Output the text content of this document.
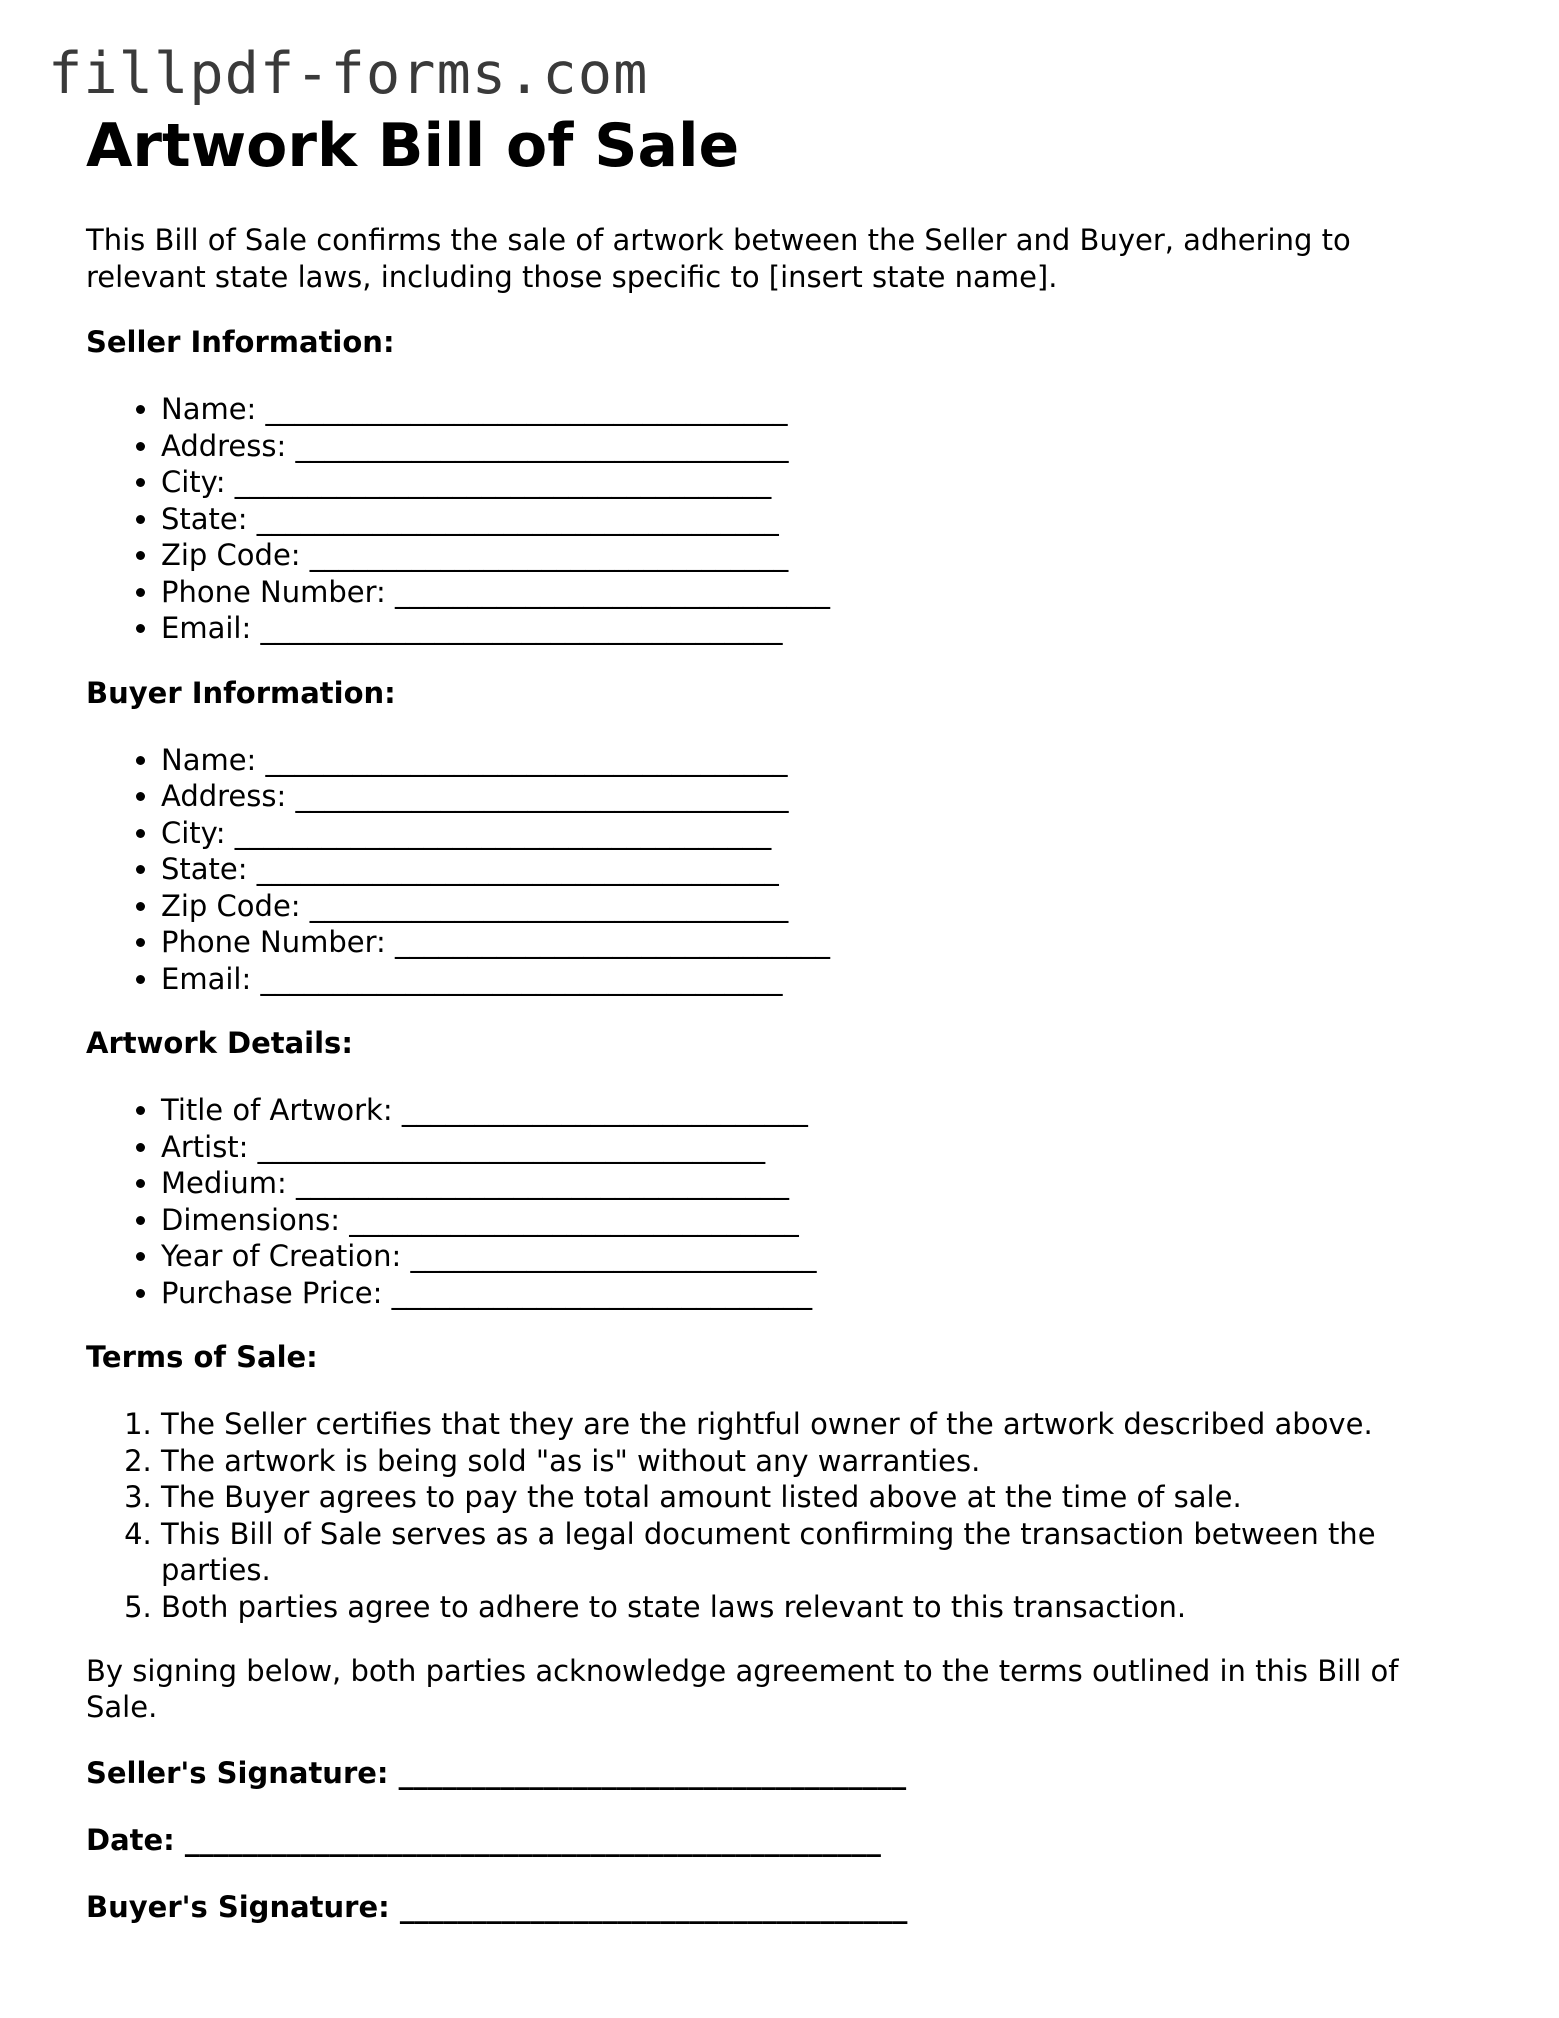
fillpdf-forms.com
Artwork Bill of Sale

This Bill of Sale confirms the sale of artwork between the Seller and Buyer, adhering to relevant state laws, including those specific to [insert state name].

Seller Information:
• Name: ____________________________________
• Address: __________________________________
• City: _____________________________________
• State: ____________________________________
• Zip Code: _________________________________
• Phone Number: ______________________________
• Email: ____________________________________
Buyer Information:
• Name: ____________________________________
• Address: __________________________________
• City: _____________________________________
• State: ____________________________________
• Zip Code: _________________________________
• Phone Number: ______________________________
• Email: ____________________________________
Artwork Details:
• Title of Artwork: ____________________________
• Artist: ___________________________________
• Medium: __________________________________
• Dimensions: _______________________________
• Year of Creation: ____________________________
• Purchase Price: _____________________________
Terms of Sale:
1. The Seller certifies that they are the rightful owner of the artwork described above.
2. The artwork is being sold "as is" without any warranties.
3. The Buyer agrees to pay the total amount listed above at the time of sale.
4. This Bill of Sale serves as a legal document confirming the transaction between the parties.
5. Both parties agree to adhere to state laws relevant to this transaction.

By signing below, both parties acknowledge agreement to the terms outlined in this Bill of Sale.

Seller's Signature: ___________________________________

Date: ________________________________________________

Buyer's Signature: ___________________________________
